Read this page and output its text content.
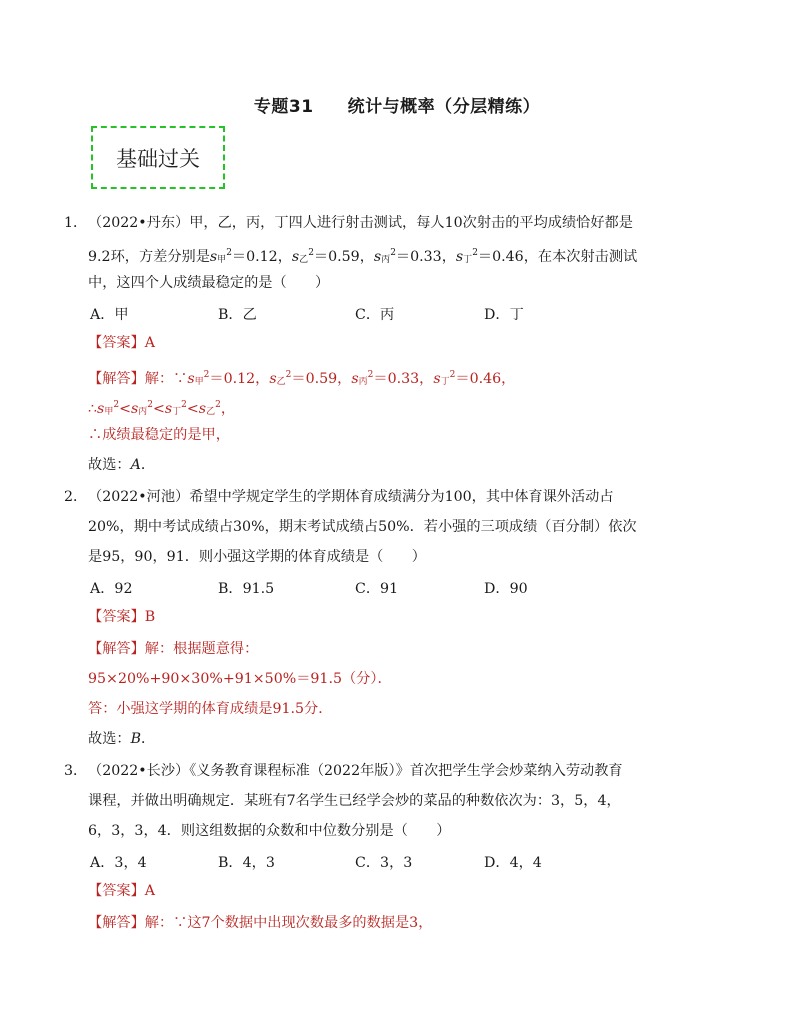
专题31 统计与概率（分层精练）
基础过关
1． （2022•丹东）甲，乙，丙，丁四人进行射击测试，每人10次射击的平均成绩恰好都是
9.2环，方差分别是$s_甲^2=0.12$，$s_乙^2=0.59$，$s_丙^2=0.33$，$s_丁^2=0.46$，在本次射击测试
中，这四个人成绩最稳定的是（　　）
A．甲	B．乙	C．丙	D．丁
【答案】A
【解答】解：$\because s_甲^2=0.12$，$s_乙^2=0.59$，$s_丙^2=0.33$，$s_丁^2=0.46$，
$\therefore s_甲^2<s_丙^2<s_丁^2<s_乙^2$，
∴成绩最稳定的是甲，
故选：A．
2． （2022•河池）希望中学规定学生的学期体育成绩满分为100，其中体育课外活动占
20%，期中考试成绩占30%，期末考试成绩占50%．若小强的三项成绩（百分制）依次
是95，90，91．则小强这学期的体育成绩是（　　）
A．92	B．91.5	C．91	D．90
【答案】B
【解答】解：根据题意得：
95×20%+90×30%+91×50%＝91.5（分）．
答：小强这学期的体育成绩是91.5分．
故选：B．
3． （2022•长沙）《义务教育课程标准（2022年版）》首次把学生学会炒菜纳入劳动教育
课程，并做出明确规定．某班有7名学生已经学会炒的菜品的种数依次为：3，5，4，
6，3，3，4．则这组数据的众数和中位数分别是（　　）
A．3，4	B．4，3	C．3，3	D．4，4
【答案】A
【解答】解：∵这7个数据中出现次数最多的数据是3，
